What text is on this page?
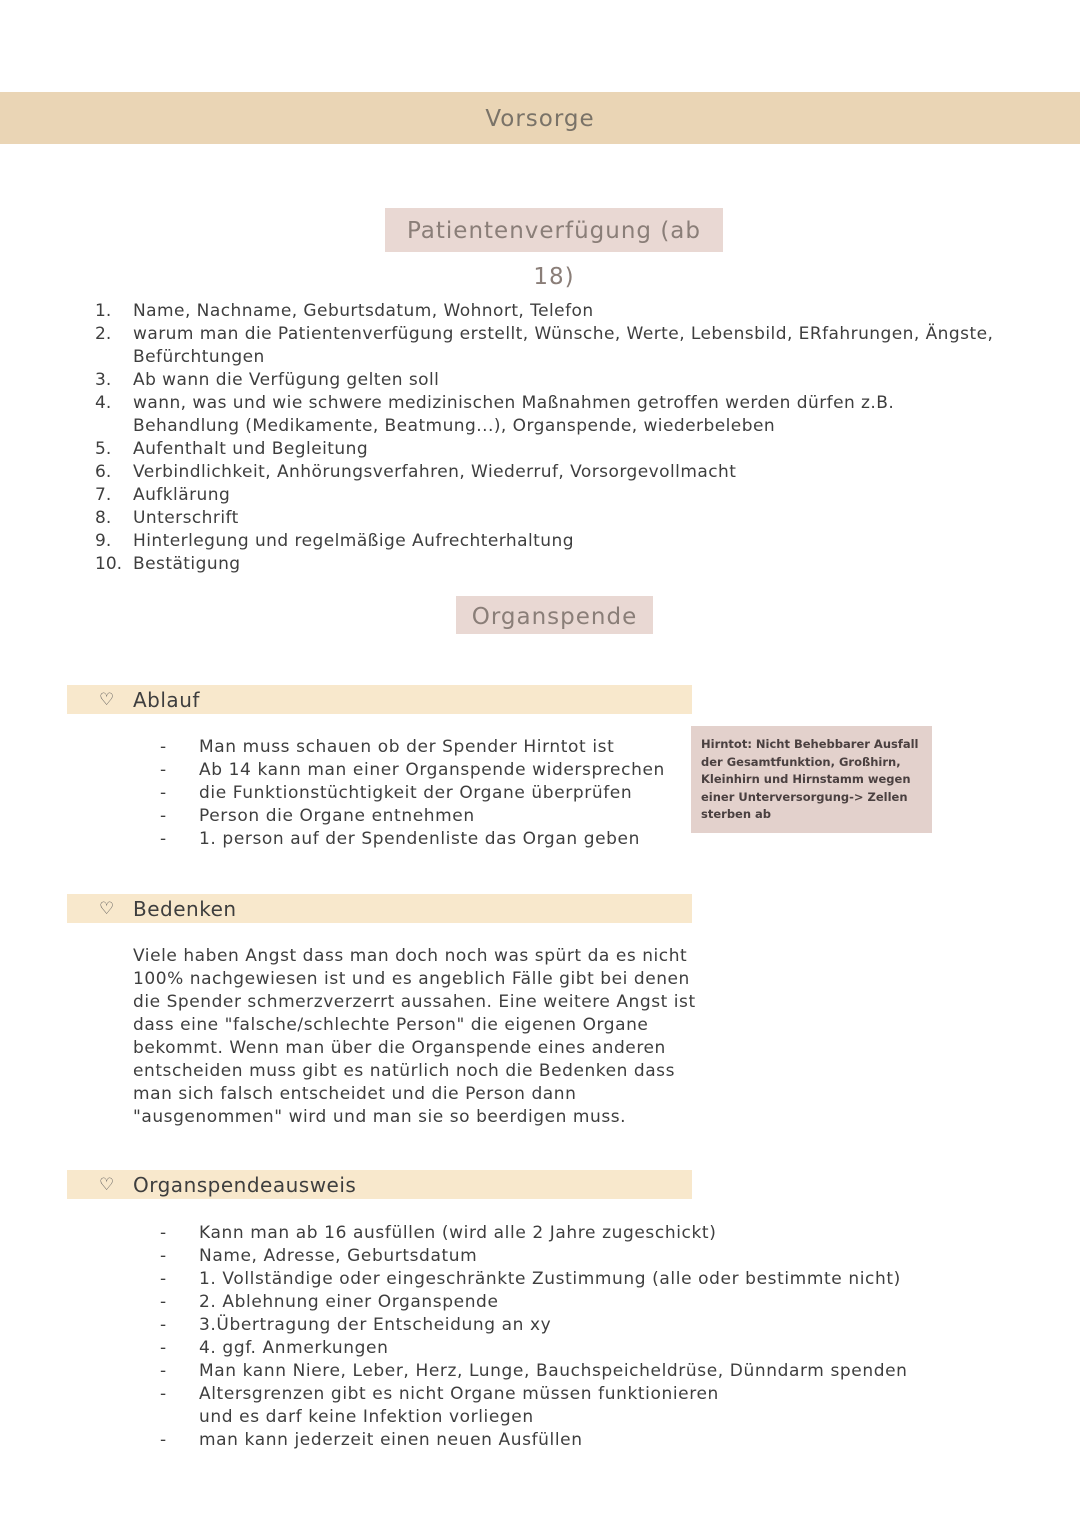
Vorsorge
Patientenverfügung (ab 18)
1.	Name, Nachname, Geburtsdatum, Wohnort, Telefon
2.	warum man die Patientenverfügung erstellt, Wünsche, Werte, Lebensbild, ERfahrungen, Ängste, Befürchtungen
3.	Ab wann die Verfügung gelten soll
4.	wann, was und wie schwere medizinischen Maßnahmen getroffen werden dürfen z.B. Behandlung (Medikamente, Beatmung...), Organspende, wiederbeleben
5.	Aufenthalt und Begleitung
6.	Verbindlichkeit, Anhörungsverfahren, Wiederruf, Vorsorgevollmacht
7.	Aufklärung
8.	Unterschrift
9.	Hinterlegung und regelmäßige Aufrechterhaltung
10. Bestätigung
Organspende
♡ Ablauf
-	Man muss schauen ob der Spender Hirntot ist
-	Ab 14 kann man einer Organspende widersprechen
-	die Funktionstüchtigkeit der Organe überprüfen
-	Person die Organe entnehmen
-	1. person auf der Spendenliste das Organ geben
Hirntot: Nicht Behebbarer Ausfall der Gesamtfunktion, Großhirn, Kleinhirn und Hirnstamm wegen einer Unterversorgung-> Zellen sterben ab
♡ Bedenken

Viele haben Angst dass man doch noch was spürt da es nicht 100% nachgewiesen ist und es angeblich Fälle gibt bei denen die Spender schmerzverzerrt aussahen. Eine weitere Angst ist dass eine "falsche/schlechte Person" die eigenen Organe bekommt. Wenn man über die Organspende eines anderen entscheiden muss gibt es natürlich noch die Bedenken dass man sich falsch entscheidet und die Person dann "ausgenommen" wird und man sie so beerdigen muss.

♡ Organspendeausweis
-	Kann man ab 16 ausfüllen (wird alle 2 Jahre zugeschickt)
-	Name, Adresse, Geburtsdatum
-	1. Vollständige oder eingeschränkte Zustimmung (alle oder bestimmte nicht)
-	2. Ablehnung einer Organspende
-	3.Übertragung der Entscheidung an xy
-	4. ggf. Anmerkungen
-	Man kann Niere, Leber, Herz, Lunge, Bauchspeicheldrüse, Dünndarm spenden
-	Altersgrenzen gibt es nicht Organe müssen funktionieren und es darf keine Infektion vorliegen
-	man kann jederzeit einen neuen Ausfüllen
